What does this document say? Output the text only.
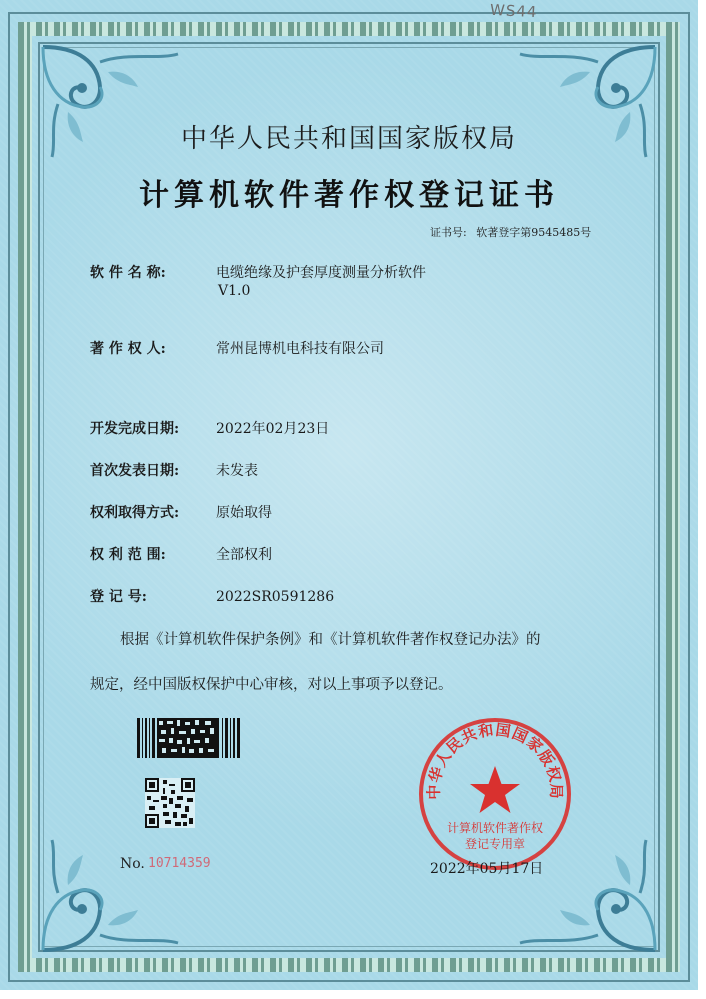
WS44
中华人民共和国国家版权局
计算机软件著作权登记证书
证书号: 软著登字第9545485号
软 件 名 称:	电缆绝缘及护套厚度测量分析软件
V1.0
著 作 权 人:	常州昆博机电科技有限公司
开发完成日期:	2022年02月23日
首次发表日期:	未发表
权利取得方式:	原始取得
权 利 范 围:	全部权利
登 记 号:	2022SR0591286
根据《计算机软件保护条例》和《计算机软件著作权登记办法》的
规定，经中国版权保护中心审核，对以上事项予以登记。
No. 10714359
中华人民共和国国家版权局
计算机软件著作权
登记专用章
2022年05月17日
